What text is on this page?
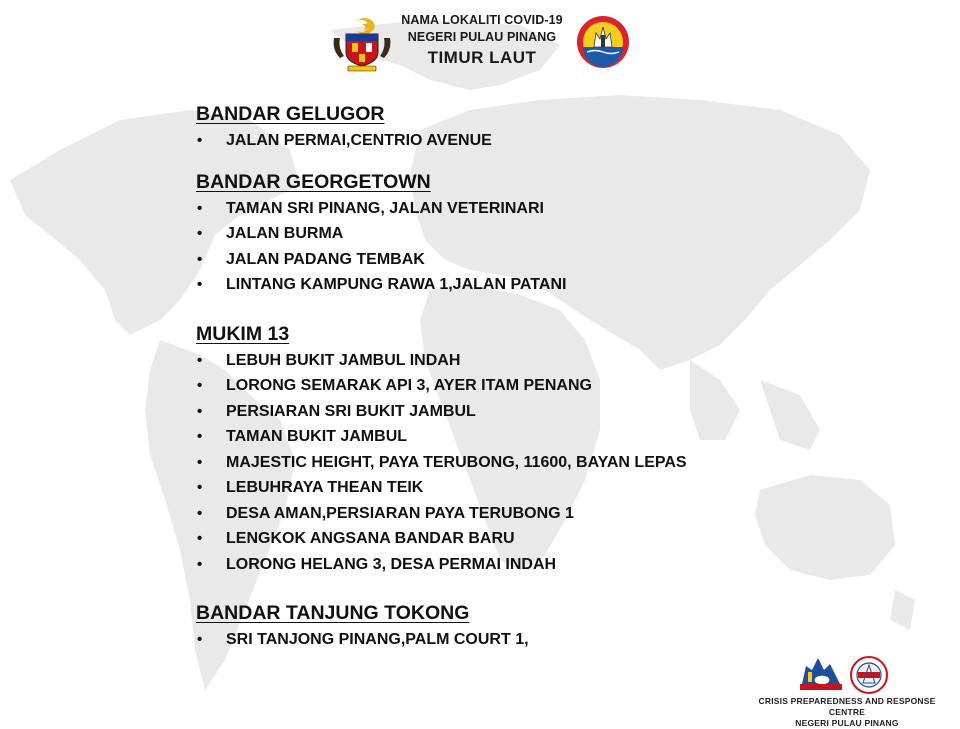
NAMA LOKALITI COVID-19
NEGERI PULAU PINANG
TIMUR LAUT
BANDAR GELUGOR
• JALAN PERMAI,CENTRIO AVENUE
BANDAR GEORGETOWN
• TAMAN SRI PINANG, JALAN VETERINARI
• JALAN BURMA
• JALAN PADANG TEMBAK
• LINTANG KAMPUNG RAWA 1,JALAN PATANI
MUKIM 13
• LEBUH BUKIT JAMBUL INDAH
• LORONG SEMARAK API 3, AYER ITAM PENANG
• PERSIARAN SRI BUKIT JAMBUL
• TAMAN BUKIT JAMBUL
• MAJESTIC HEIGHT, PAYA TERUBONG, 11600, BAYAN LEPAS
• LEBUHRAYA THEAN TEIK
• DESA AMAN,PERSIARAN PAYA TERUBONG 1
• LENGKOK ANGSANA BANDAR BARU
• LORONG HELANG 3, DESA PERMAI INDAH
BANDAR TANJUNG TOKONG
• SRI TANJONG PINANG,PALM COURT 1,
CRISIS PREPAREDNESS AND RESPONSE CENTRE
NEGERI PULAU PINANG
